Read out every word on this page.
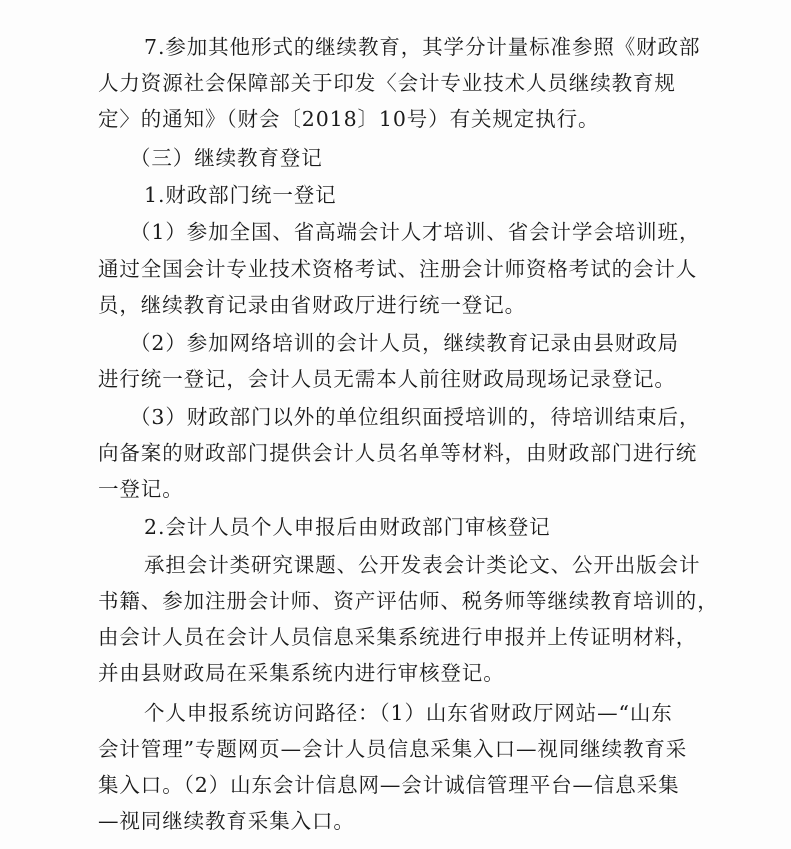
7.参加其他形式的继续教育，其学分计量标准参照《财政部
人力资源社会保障部关于印发〈会计专业技术人员继续教育规
定〉的通知》（财会〔2018〕10号）有关规定执行。
（三）继续教育登记
1.财政部门统一登记
（1）参加全国、省高端会计人才培训、省会计学会培训班，
通过全国会计专业技术资格考试、注册会计师资格考试的会计人
员，继续教育记录由省财政厅进行统一登记。
（2）参加网络培训的会计人员，继续教育记录由县财政局
进行统一登记，会计人员无需本人前往财政局现场记录登记。
（3）财政部门以外的单位组织面授培训的，待培训结束后，
向备案的财政部门提供会计人员名单等材料，由财政部门进行统
一登记。
2.会计人员个人申报后由财政部门审核登记
承担会计类研究课题、公开发表会计类论文、公开出版会计
书籍、参加注册会计师、资产评估师、税务师等继续教育培训的，
由会计人员在会计人员信息采集系统进行申报并上传证明材料，
并由县财政局在采集系统内进行审核登记。
个人申报系统访问路径：（1）山东省财政厅网站—“山东
会计管理”专题网页—会计人员信息采集入口—视同继续教育采
集入口。（2）山东会计信息网—会计诚信管理平台—信息采集
—视同继续教育采集入口。
